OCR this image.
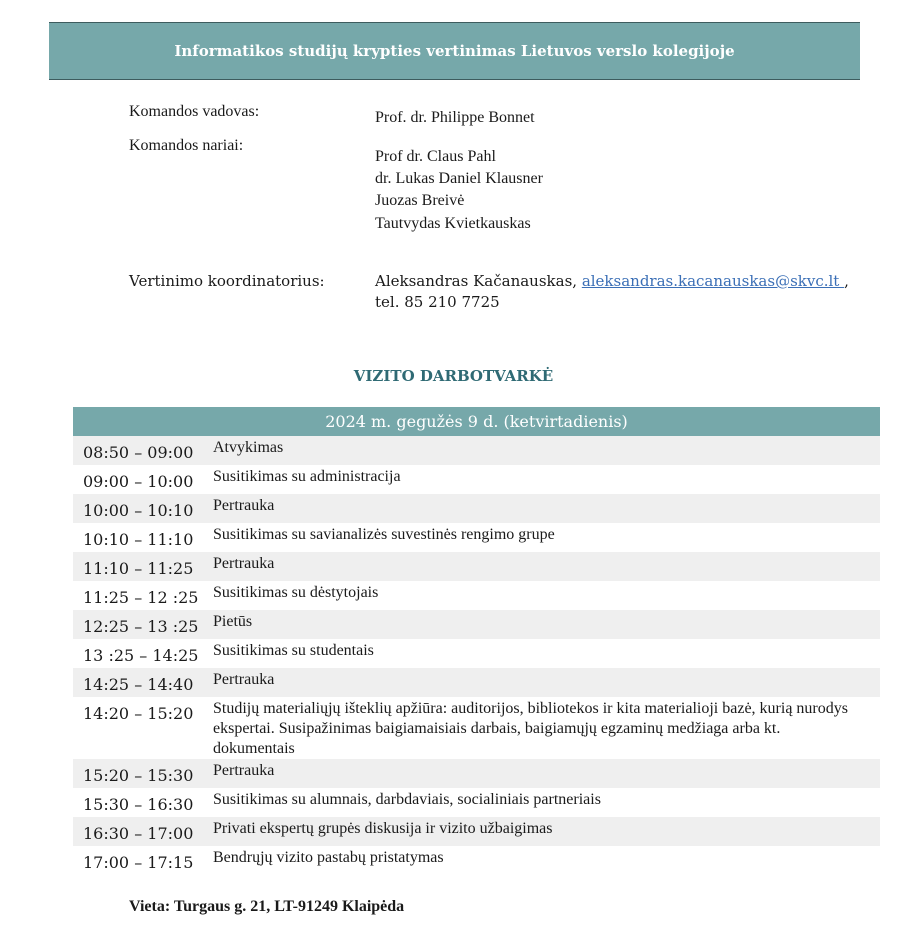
Informatikos studijų krypties vertinimas Lietuvos verslo kolegijoje
Komandos vadovas:	Prof. dr. Philippe Bonnet
Komandos nariai:
Prof dr. Claus Pahl
dr. Lukas Daniel Klausner
Juozas Breivė
Tautvydas Kvietkauskas
Vertinimo koordinatorius:	Aleksandras Kačanauskas, aleksandras.kacanauskas@skvc.lt ,
tel. 85 210 7725
VIZITO DARBOTVARKĖ
2024 m. gegužės 9 d. (ketvirtadienis)
08:50 – 09:00	Atvykimas
09:00 – 10:00	Susitikimas su administracija
10:00 – 10:10	Pertrauka
10:10 – 11:10	Susitikimas su savianalizės suvestinės rengimo grupe
11:10 – 11:25	Pertrauka
11:25 – 12 :25 Susitikimas su dėstytojais
12:25 – 13 :25 Pietūs
13 :25 – 14:25 Susitikimas su studentais
14:25 – 14:40	Pertrauka
14:20 – 15:20	Studijų materialiųjų išteklių apžiūra: auditorijos, bibliotekos ir kita materialioji bazė, kurią nurodys ekspertai. Susipažinimas baigiamaisiais darbais, baigiamųjų egzaminų medžiaga arba kt. dokumentais
15:20 – 15:30	Pertrauka
15:30 – 16:30	Susitikimas su alumnais, darbdaviais, socialiniais partneriais
16:30 – 17:00	Privati ekspertų grupės diskusija ir vizito užbaigimas
17:00 – 17:15	Bendrųjų vizito pastabų pristatymas
Vieta: Turgaus g. 21, LT-91249 Klaipėda
